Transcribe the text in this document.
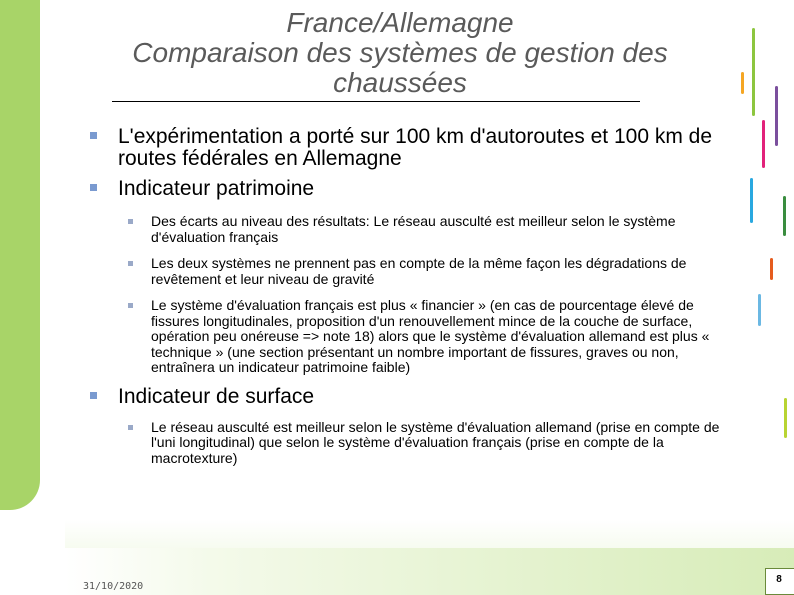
France/Allemagne
Comparaison des systèmes de gestion des
chaussées
L'expérimentation a porté sur 100 km d'autoroutes et 100 km de routes fédérales en Allemagne
Indicateur patrimoine
Des écarts au niveau des résultats: Le réseau ausculté est meilleur selon le système d'évaluation français
Les deux systèmes ne prennent pas en compte de la même façon les dégradations de revêtement et leur niveau de gravité
Le système d'évaluation français est plus « financier » (en cas de pourcentage élevé de fissures longitudinales, proposition d'un renouvellement mince de la couche de surface, opération peu onéreuse => note 18) alors que le système d'évaluation allemand est plus « technique » (une section présentant un nombre important de fissures, graves ou non, entraînera un indicateur patrimoine faible)
Indicateur de surface
Le réseau ausculté est meilleur selon le système d'évaluation allemand (prise en compte de l'uni longitudinal) que selon le système d'évaluation français (prise en compte de la macrotexture)
31/10/2020
8
